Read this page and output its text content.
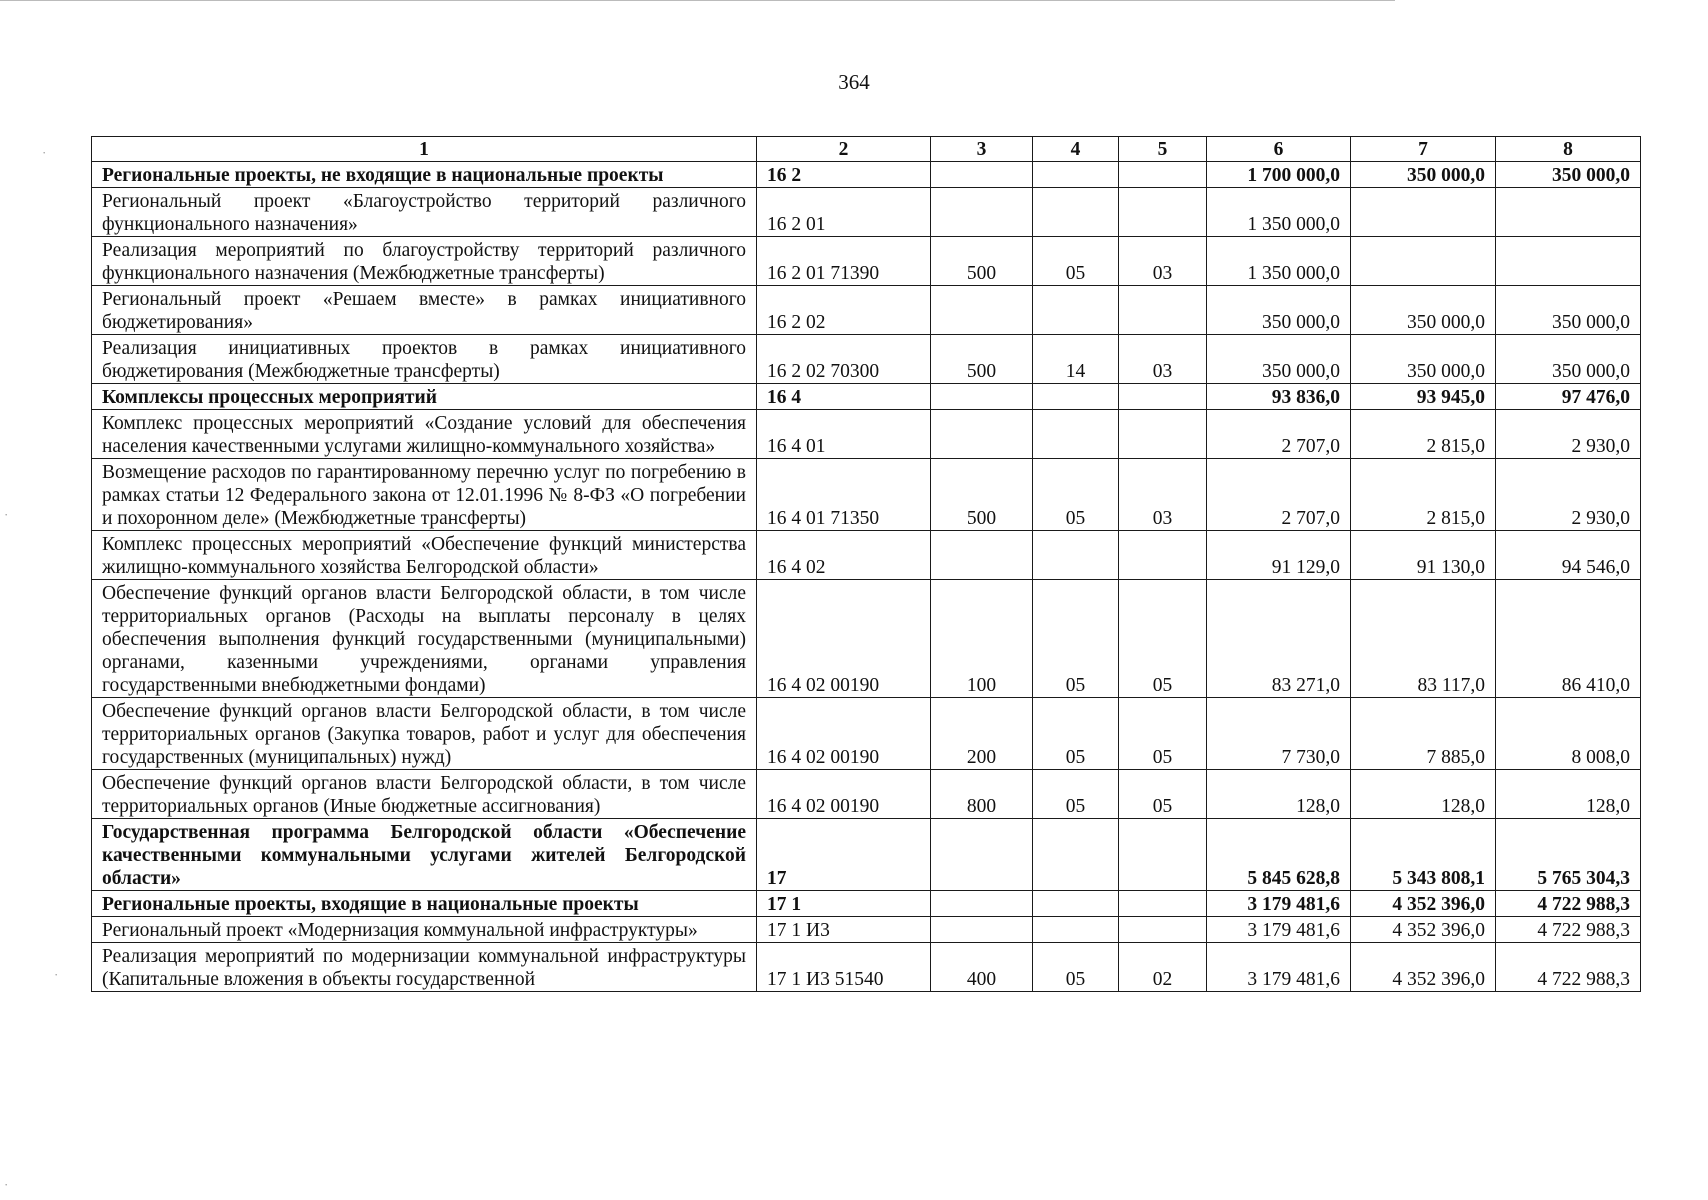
364
·
·
·
·
1	2	3	4	5	6	7	8
Региональные проекты, не входящие в национальные проекты	16 2				1 700 000,0	350 000,0	350 000,0
Региональный проект «Благоустройство территорий различного функционального назначения»	16 2 01				1 350 000,0		
Реализация мероприятий по благоустройству территорий различного функционального назначения (Межбюджетные трансферты)	16 2 01 71390	500	05	03	1 350 000,0		
Региональный проект «Решаем вместе» в рамках инициативного бюджетирования»	16 2 02				350 000,0	350 000,0	350 000,0
Реализация инициативных проектов в рамках инициативного бюджетирования (Межбюджетные трансферты)	16 2 02 70300	500	14	03	350 000,0	350 000,0	350 000,0
Комплексы процессных мероприятий	16 4				93 836,0	93 945,0	97 476,0
Комплекс процессных мероприятий «Создание условий для обеспечения населения качественными услугами жилищно-коммунального хозяйства»	16 4 01				2 707,0	2 815,0	2 930,0
Возмещение расходов по гарантированному перечню услуг по погребению в рамках статьи 12 Федерального закона от 12.01.1996 № 8-ФЗ «О погребении и похоронном деле» (Межбюджетные трансферты)	16 4 01 71350	500	05	03	2 707,0	2 815,0	2 930,0
Комплекс процессных мероприятий «Обеспечение функций министерства жилищно-коммунального хозяйства Белгородской области»	16 4 02				91 129,0	91 130,0	94 546,0
Обеспечение функций органов власти Белгородской области, в том числе территориальных органов (Расходы на выплаты персоналу в целях обеспечения выполнения функций государственными (муниципальными) органами, казенными учреждениями, органами управления государственными внебюджетными фондами)	16 4 02 00190	100	05	05	83 271,0	83 117,0	86 410,0
Обеспечение функций органов власти Белгородской области, в том числе территориальных органов (Закупка товаров, работ и услуг для обеспечения государственных (муниципальных) нужд)	16 4 02 00190	200	05	05	7 730,0	7 885,0	8 008,0
Обеспечение функций органов власти Белгородской области, в том числе территориальных органов (Иные бюджетные ассигнования)	16 4 02 00190	800	05	05	128,0	128,0	128,0
Государственная программа Белгородской области «Обеспечение качественными коммунальными услугами жителей Белгородской области»	17				5 845 628,8	5 343 808,1	5 765 304,3
Региональные проекты, входящие в национальные проекты	17 1				3 179 481,6	4 352 396,0	4 722 988,3
Региональный проект «Модернизация коммунальной инфраструктуры»	17 1 И3				3 179 481,6	4 352 396,0	4 722 988,3
Реализация мероприятий по модернизации коммунальной инфраструктуры (Капитальные вложения в объекты государственной	17 1 И3 51540	400	05	02	3 179 481,6	4 352 396,0	4 722 988,3
